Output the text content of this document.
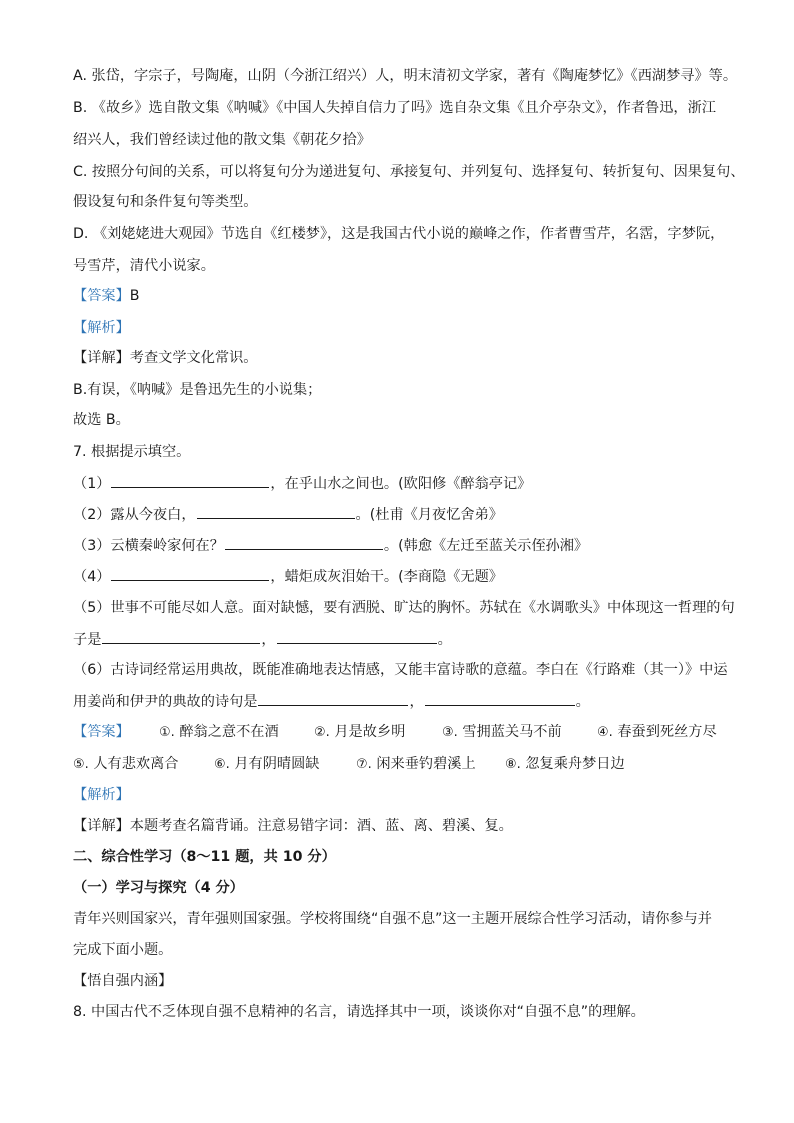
A. 张岱，字宗子，号陶庵，山阴（今浙江绍兴）人，明末清初文学家，著有《陶庵梦忆》《西湖梦寻》等。
B. 《故乡》选自散文集《呐喊》《中国人失掉自信力了吗》选自杂文集《且介亭杂文》，作者鲁迅，浙江
绍兴人，我们曾经读过他的散文集《朝花夕拾》
C. 按照分句间的关系，可以将复句分为递进复句、承接复句、并列复句、选择复句、转折复句、因果复句、
假设复句和条件复句等类型。
D. 《刘姥姥进大观园》节选自《红楼梦》，这是我国古代小说的巅峰之作，作者曹雪芹，名霑，字梦阮，
号雪芹，清代小说家。
【答案】B
【解析】
【详解】考查文学文化常识。
B.有误，《呐喊》是鲁迅先生的小说集；
故选 B。
7. 根据提示填空。
（1）	，在乎山水之间也。(欧阳修《醉翁亭记》
（2）露从今夜白，	。(杜甫《月夜忆舍弟》
（3）云横秦岭家何在？	。(韩愈《左迁至蓝关示侄孙湘》
（4）	，蜡炬成灰泪始干。(李商隐《无题》
（5）世事不可能尽如人意。面对缺憾，要有洒脱、旷达的胸怀。苏轼在《水调歌头》中体现这一哲理的句
子是	，	。
（6）古诗词经常运用典故，既能准确地表达情感，又能丰富诗歌的意蕴。李白在《行路难（其一）》中运
用姜尚和伊尹的典故的诗句是	，	。
【答案】 ①. 醉翁之意不在酒	②. 月是故乡明	③. 雪拥蓝关马不前	④. 春蚕到死丝方尽
⑤. 人有悲欢离合	⑥. 月有阴晴圆缺	⑦. 闲来垂钓碧溪上 ⑧. 忽复乘舟梦日边
【解析】
【详解】本题考查名篇背诵。注意易错字词：酒、蓝、离、碧溪、复。
二、综合性学习（8～11 题，共 10 分）
（一）学习与探究（4 分）
青年兴则国家兴，青年强则国家强。学校将围绕“自强不息”这一主题开展综合性学习活动，请你参与并
完成下面小题。
【悟自强内涵】
8. 中国古代不乏体现自强不息精神的名言，请选择其中一项，谈谈你对“自强不息”的理解。
